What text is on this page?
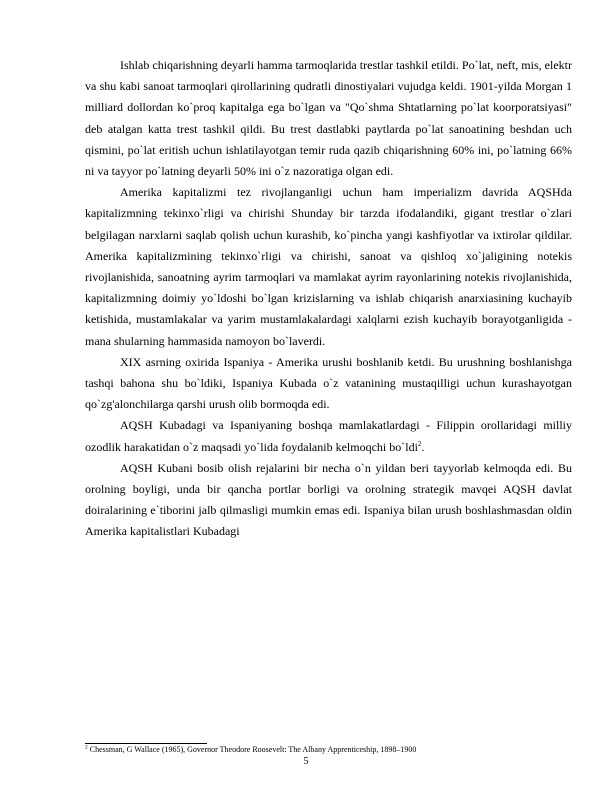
Ishlab chiqarishning deyarli hamma tarmoqlarida trestlar tashkil etildi. Po`lat, neft, mis, elektr va shu kabi sanoat tarmoqlari qirollarining qudratli dinostiyalari vujudga keldi. 1901-yilda Morgan 1 milliard dollordan ko`proq kapitalga ega bo`lgan va "Qo`shma Shtatlarning po`lat koorporatsiyasi" deb atalgan katta trest tashkil qildi. Bu trest dastlabki paytlarda po`lat sanoatining beshdan uch qismini, po`lat eritish uchun ishlatilayotgan temir ruda qazib chiqarishning 60% ini, po`latning 66% ni va tayyor po`latning deyarli 50% ini o`z nazoratiga olgan edi.

Amerika kapitalizmi tez rivojlanganligi uchun ham imperializm davrida AQSHda kapitalizmning tekinxo`rligi va chirishi Shunday bir tarzda ifodalandiki, gigant trestlar o`zlari belgilagan narxlarni saqlab qolish uchun kurashib, ko`pincha yangi kashfiyotlar va ixtirolar qildilar. Amerika kapitalizmining tekinxo`rligi va chirishi, sanoat va qishloq xo`jaligining notekis rivojlanishida, sanoatning ayrim tarmoqlari va mamlakat ayrim rayonlarining notekis rivojlanishida, kapitalizmning doimiy yo`ldoshi bo`lgan krizislarning va ishlab chiqarish anarxiasining kuchayib ketishida, mustamlakalar va yarim mustamlakalardagi xalqlarni ezish kuchayib borayotganligida - mana shularning hammasida namoyon bo`laverdi.

XIX asrning oxirida Ispaniya - Amerika urushi boshlanib ketdi. Bu urushning boshlanishga tashqi bahona shu bo`ldiki, Ispaniya Kubada o`z vatanining mustaqilligi uchun kurashayotgan qo`zg'alonchilarga qarshi urush olib bormoqda edi.

AQSH Kubadagi va Ispaniyaning boshqa mamlakatlardagi - Filippin orollaridagi milliy ozodlik harakatidan o`z maqsadi yo`lida foydalanib kelmoqchi bo`ldi$^2$.

AQSH Kubani bosib olish rejalarini bir necha o`n yildan beri tayyorlab kelmoqda edi. Bu orolning boyligi, unda bir qancha portlar borligi va orolning strategik mavqei AQSH davlat doiralarining e`tiborini jalb qilmasligi mumkin emas edi. Ispaniya bilan urush boshlashmasdan oldin Amerika kapitalistlari Kubadagi

$^2$ Chessman, G Wallace (1965), Governor Theodore Roosevelt: The Albany Apprenticeship, 1898–1900
5
